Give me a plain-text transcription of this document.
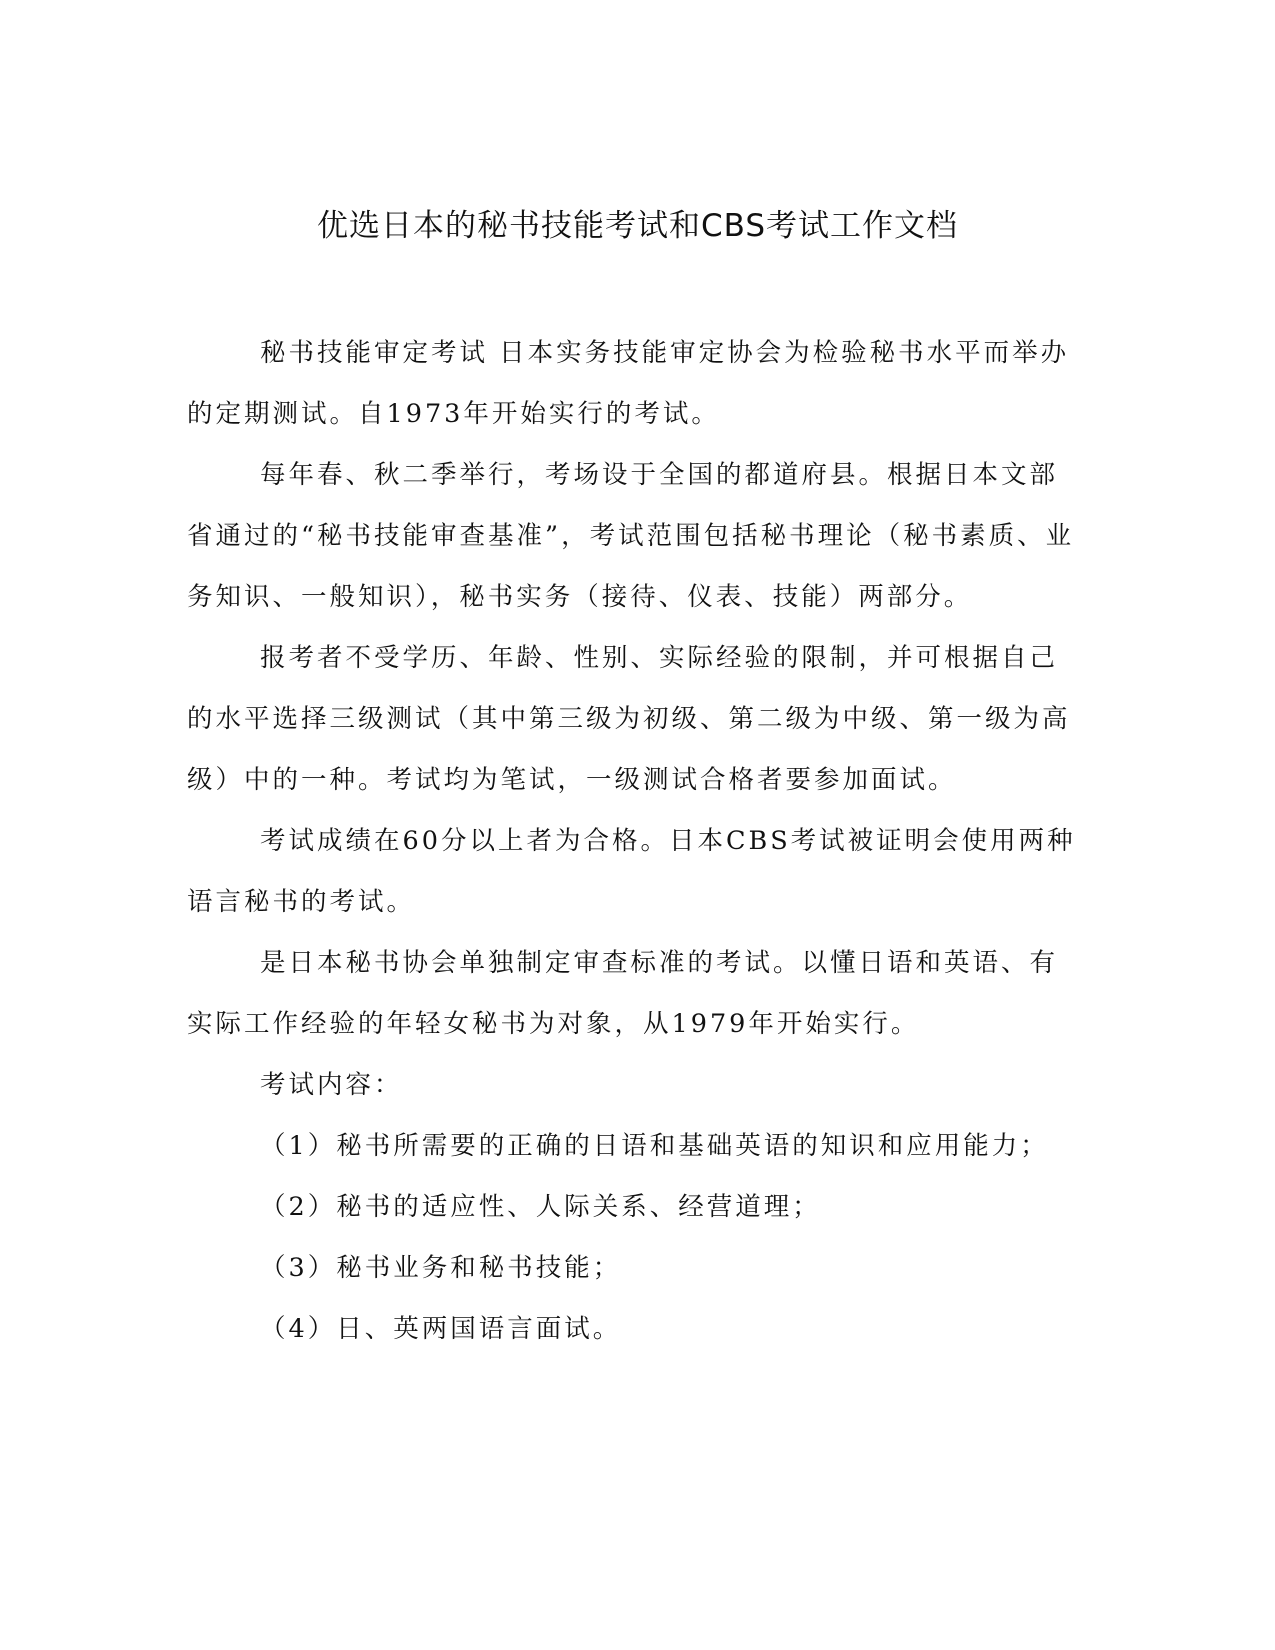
优选日本的秘书技能考试和CBS考试工作文档

秘书技能审定考试 日本实务技能审定协会为检验秘书水平而举办的定期测试。自1973年开始实行的考试。

每年春、秋二季举行，考场设于全国的都道府县。根据日本文部省通过的“秘书技能审查基准”，考试范围包括秘书理论（秘书素质、业务知识、一般知识），秘书实务（接待、仪表、技能）两部分。

报考者不受学历、年龄、性别、实际经验的限制，并可根据自己的水平选择三级测试（其中第三级为初级、第二级为中级、第一级为高级）中的一种。考试均为笔试，一级测试合格者要参加面试。

考试成绩在60分以上者为合格。日本CBS考试被证明会使用两种语言秘书的考试。

是日本秘书协会单独制定审查标准的考试。以懂日语和英语、有实际工作经验的年轻女秘书为对象，从1979年开始实行。

考试内容：

（1）秘书所需要的正确的日语和基础英语的知识和应用能力；

（2）秘书的适应性、人际关系、经营道理；

（3）秘书业务和秘书技能；

（4）日、英两国语言面试。
